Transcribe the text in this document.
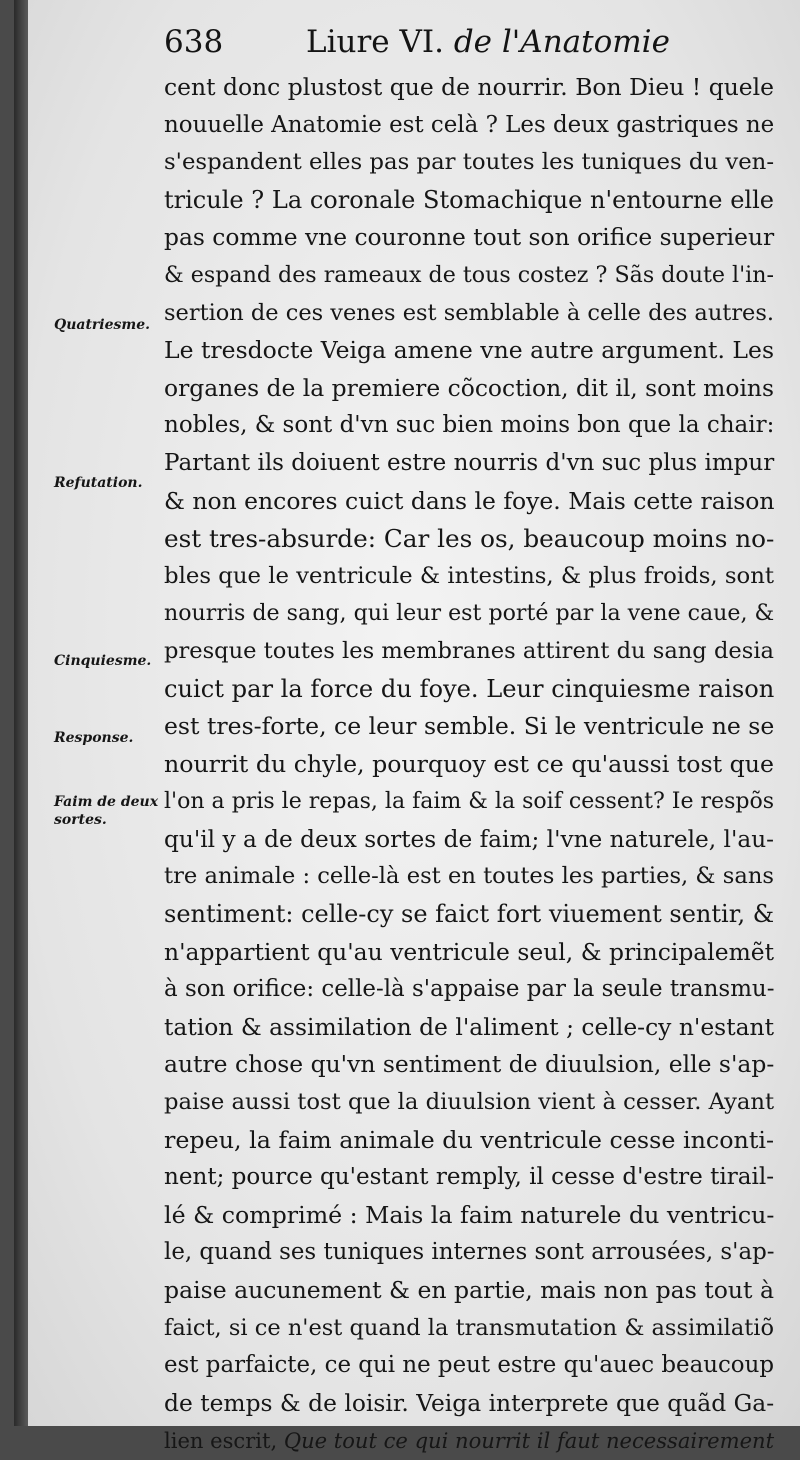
638	Liure VI. de l'Anatomie
cent donc plustost que de nourrir. Bon Dieu ! quele
nouuelle Anatomie est celà ? Les deux gastriques ne
s'espandent elles pas par toutes les tuniques du ven-
tricule ? La coronale Stomachique n'entourne elle
pas comme vne couronne tout son orifice superieur
& espand des rameaux de tous costez ? Sãs doute l'in-
sertion de ces venes est semblable à celle des autres.
Le tresdocte Veiga amene vne autre argument. Les
organes de la premiere cõcoction, dit il, sont moins
nobles, & sont d'vn suc bien moins bon que la chair:
Partant ils doiuent estre nourris d'vn suc plus impur
& non encores cuict dans le foye. Mais cette raison
est tres-absurde: Car les os, beaucoup moins no-
bles que le ventricule & intestins, & plus froids, sont
nourris de sang, qui leur est porté par la vene caue, &
presque toutes les membranes attirent du sang desia
cuict par la force du foye. Leur cinquiesme raison
est tres-forte, ce leur semble. Si le ventricule ne se
nourrit du chyle, pourquoy est ce qu'aussi tost que
l'on a pris le repas, la faim & la soif cessent? Ie respõs
qu'il y a de deux sortes de faim; l'vne naturele, l'au-
tre animale : celle-là est en toutes les parties, & sans
sentiment: celle-cy se faict fort viuement sentir, &
n'appartient qu'au ventricule seul, & principalemẽt
à son orifice: celle-là s'appaise par la seule transmu-
tation & assimilation de l'aliment ; celle-cy n'estant
autre chose qu'vn sentiment de diuulsion, elle s'ap-
paise aussi tost que la diuulsion vient à cesser. Ayant
repeu, la faim animale du ventricule cesse inconti-
nent; pource qu'estant remply, il cesse d'estre tirail-
lé & comprimé : Mais la faim naturele du ventricu-
le, quand ses tuniques internes sont arrousées, s'ap-
paise aucunement & en partie, mais non pas tout à
faict, si ce n'est quand la transmutation & assimilatiõ
est parfaicte, ce qui ne peut estre qu'auec beaucoup
de temps & de loisir. Veiga interprete que quãd Ga-
lien escrit, Que tout ce qui nourrit il faut necessairement
Quatriesme.
Refutation.
Cinquiesme.
Response.
Faim de deux
sortes.
